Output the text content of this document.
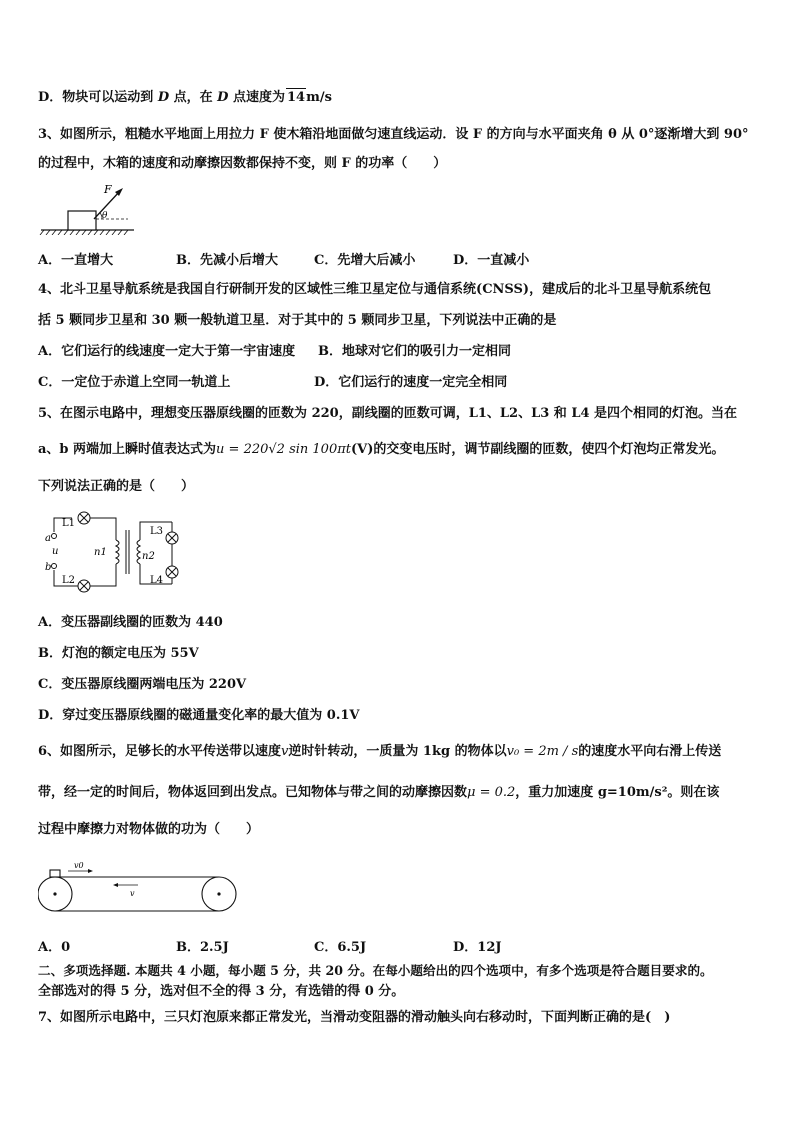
D．物块可以运动到 D 点，在 D 点速度为 14m/s
3、如图所示，粗糙水平地面上用拉力 F 使木箱沿地面做匀速直线运动．设 F 的方向与水平面夹角 θ 从 0°逐渐增大到 90°
的过程中，木箱的速度和动摩擦因数都保持不变，则 F 的功率（　　）
F
θ
A．一直增大	B．先减小后增大	C．先增大后减小	D．一直减小
4、北斗卫星导航系统是我国自行研制开发的区域性三维卫星定位与通信系统(CNSS)，建成后的北斗卫星导航系统包
括 5 颗同步卫星和 30 颗一般轨道卫星．对于其中的 5 颗同步卫星，下列说法中正确的是
A．它们运行的线速度一定大于第一宇宙速度 B．地球对它们的吸引力一定相同
C．一定位于赤道上空同一轨道上	D．它们运行的速度一定完全相同
5、在图示电路中，理想变压器原线圈的匝数为 220，副线圈的匝数可调，L1、L2、L3 和 L4 是四个相同的灯泡。当在
a、b 两端加上瞬时值表达式为u = 220√2 sin 100πt(V)的交变电压时，调节副线圈的匝数，使四个灯泡均正常发光。
下列说法正确的是（　　）
L1
L2
L3
L4
a
u
b
n1	n2
A．变压器副线圈的匝数为 440
B．灯泡的额定电压为 55V
C．变压器原线圈两端电压为 220V
D．穿过变压器原线圈的磁通量变化率的最大值为 0.1V
6、如图所示，足够长的水平传送带以速度v逆时针转动，一质量为 1kg 的物体以v₀ = 2m / s的速度水平向右滑上传送
带，经一定的时间后，物体返回到出发点。已知物体与带之间的动摩擦因数μ = 0.2，重力加速度 g=10m/s²。则在该
过程中摩擦力对物体做的功为（　　）
v0
v
A．0	B．2.5J	C．6.5J	D．12J
二、多项选择题. 本题共 4 小题，每小题 5 分，共 20 分。在每小题给出的四个选项中，有多个选项是符合题目要求的。
全部选对的得 5 分，选对但不全的得 3 分，有选错的得 0 分。
7、如图所示电路中，三只灯泡原来都正常发光，当滑动变阻器的滑动触头向右移动时，下面判断正确的是(　)
